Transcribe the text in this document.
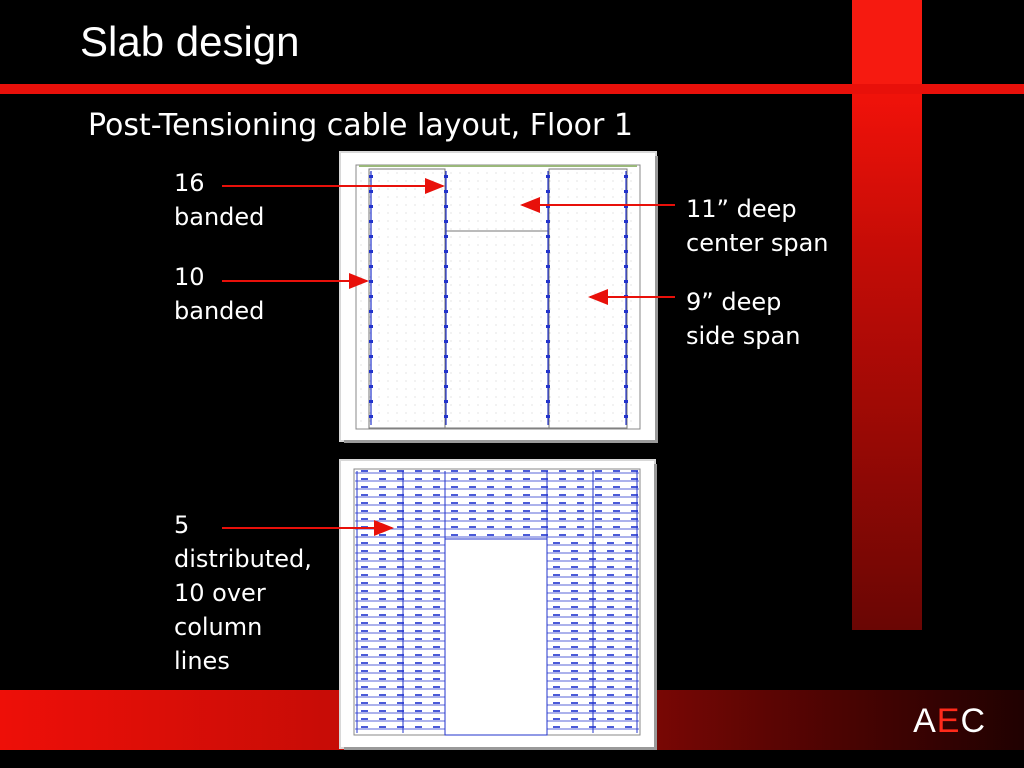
Slab design
Post-Tensioning cable layout, Floor 1
16
banded
10
banded
5
distributed,
10 over
column
lines
11” deep
center span
9” deep
side span
AEC
